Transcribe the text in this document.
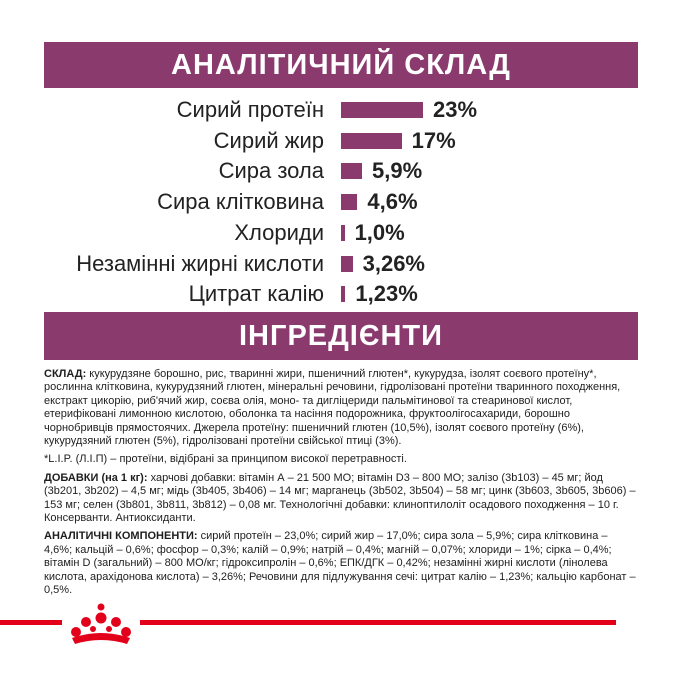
АНАЛІТИЧНИЙ СКЛАД
Сирий протеїн	23%
Сирий жир	17%
Сира зола 5,9%
Сира клітковина 4,6%
Хлориди 1,0%
Незамінні жирні кислоти 3,26%
Цитрат калію 1,23%
ІНГРЕДІЄНТИ

СКЛАД: кукурудзяне борошно, рис, тваринні жири, пшеничний глютен*, кукурудза, ізолят соєвого протеїну*, рослинна клітковина, кукурудзяний глютен, мінеральні речовини, гідролізовані протеїни тваринного походження, екстракт цикорію, риб'ячий жир, соєва олія, моно- та дигліцериди пальмітинової та стеаринової кислот, етерифіковані лимонною кислотою, оболонка та насіння подорожника, фруктоолігосахариди, борошно чорнобривців прямостоячих. Джерела протеїну: пшеничний глютен (10,5%), ізолят соєвого протеїну (6%), кукурудзяний глютен (5%), гідролізовані протеїни свійської птиці (3%).

*L.I.P. (Л.І.П) – протеїни, відібрані за принципом високої перетравності.

ДОБАВКИ (на 1 кг): харчові добавки: вітамін А – 21 500 МО; вітамін D3 – 800 МО; залізо (3b103) – 45 мг; йод (3b201, 3b202) – 4,5 мг; мідь (3b405, 3b406) – 14 мг; марганець (3b502, 3b504) – 58 мг; цинк (3b603, 3b605, 3b606) – 153 мг; селен (3b801, 3b811, 3b812) – 0,08 мг. Технологічні добавки: клиноптилоліт осадового походження – 10 г. Консерванти. Антиоксиданти.

АНАЛІТИЧНІ КОМПОНЕНТИ: сирий протеїн – 23,0%; сирий жир – 17,0%; сира зола – 5,9%; сира клітковина – 4,6%; кальцій – 0,6%; фосфор – 0,3%; калій – 0,9%; натрій – 0,4%; магній – 0,07%; хлориди – 1%; сірка – 0,4%; вітамін D (загальний) – 800 МО/кг; гідроксипролін – 0,6%; ЕПК/ДГК – 0,42%; незамінні жирні кислоти (лінолева кислота, арахідонова кислота) – 3,26%; Речовини для підлужування сечі: цитрат калію – 1,23%; кальцію карбонат – 0,5%.
